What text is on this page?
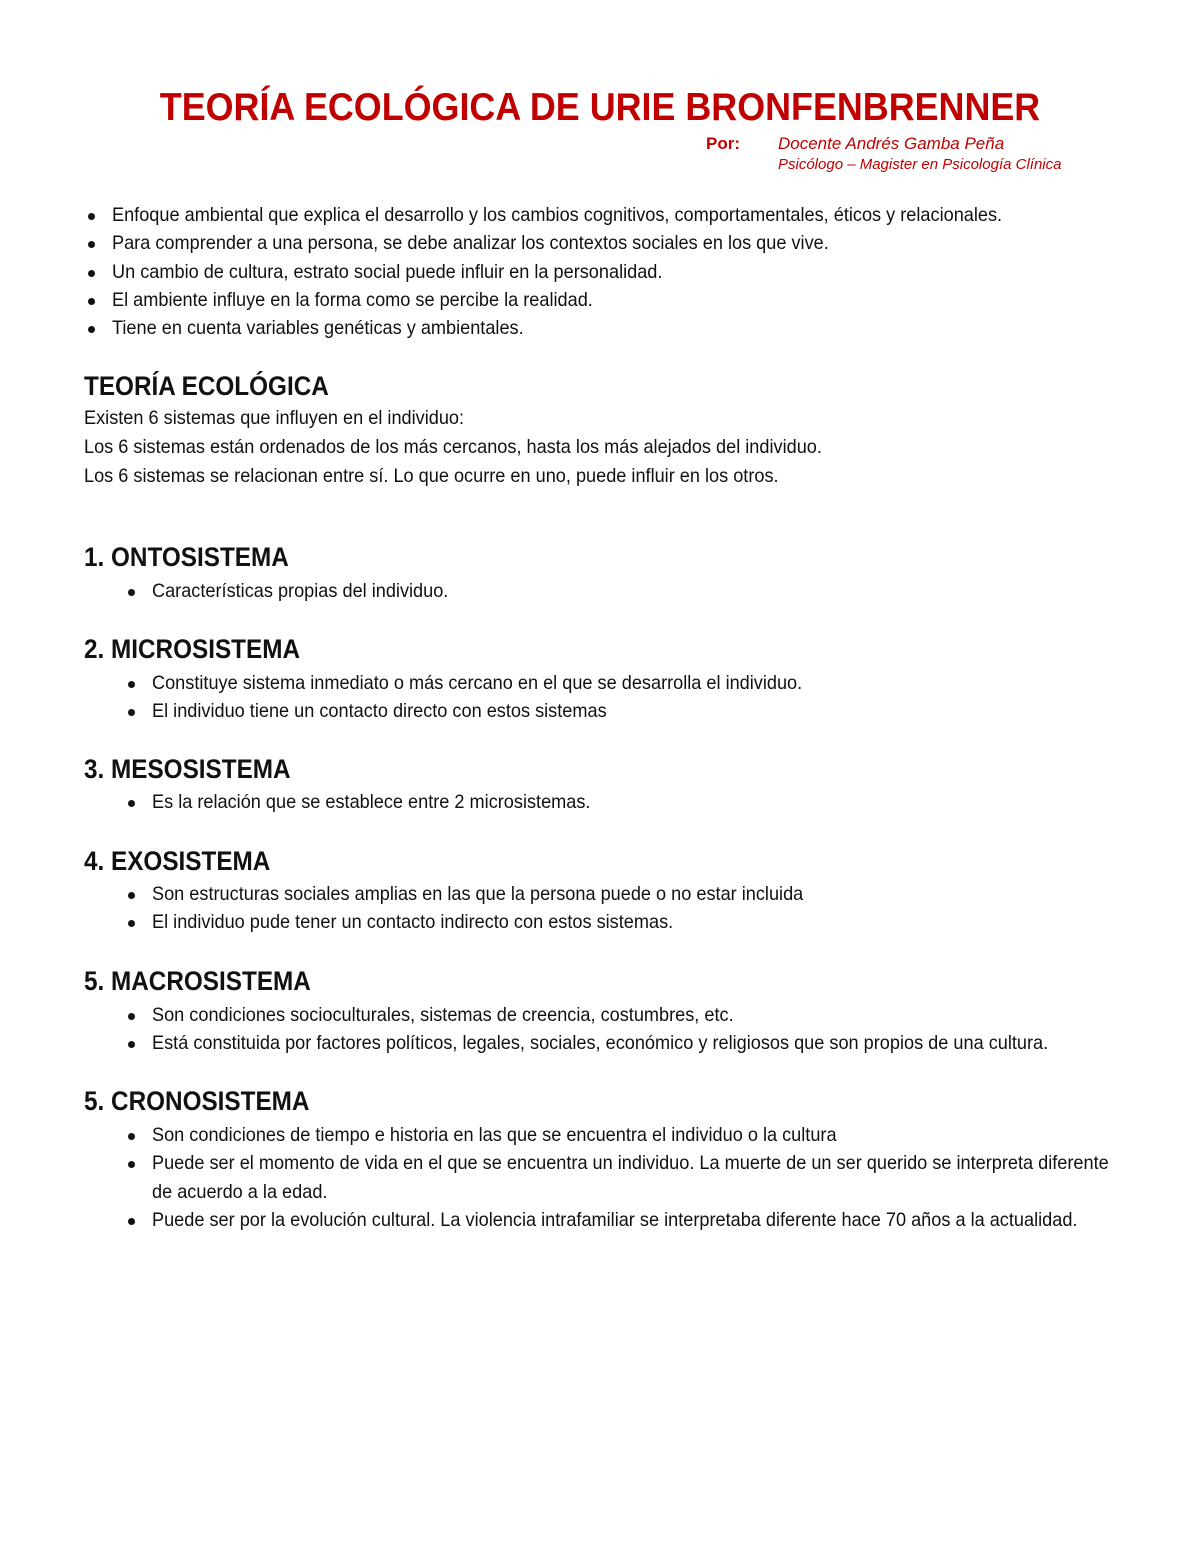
TEORÍA ECOLÓGICA DE URIE BRONFENBRENNER
Por:	Docente Andrés Gamba Peña
Psicólogo – Magister en Psicología Clínica
Enfoque ambiental que explica el desarrollo y los cambios cognitivos, comportamentales, éticos y relacionales.
Para comprender a una persona, se debe analizar los contextos sociales en los que vive.
Un cambio de cultura, estrato social puede influir en la personalidad.
El ambiente influye en la forma como se percibe la realidad.
Tiene en cuenta variables genéticas y ambientales.
TEORÍA ECOLÓGICA
Existen 6 sistemas que influyen en el individuo:
Los 6 sistemas están ordenados de los más cercanos, hasta los más alejados del individuo.
Los 6 sistemas se relacionan entre sí. Lo que ocurre en uno, puede influir en los otros.
1. ONTOSISTEMA
Características propias del individuo.
2. MICROSISTEMA
Constituye sistema inmediato o más cercano en el que se desarrolla el individuo.
El individuo tiene un contacto directo con estos sistemas
3. MESOSISTEMA
Es la relación que se establece entre 2 microsistemas.
4. EXOSISTEMA
Son estructuras sociales amplias en las que la persona puede o no estar incluida
El individuo pude tener un contacto indirecto con estos sistemas.
5. MACROSISTEMA
Son condiciones socioculturales, sistemas de creencia, costumbres, etc.
Está constituida por factores políticos, legales, sociales, económico y religiosos que son propios de una cultura.
5. CRONOSISTEMA
Son condiciones de tiempo e historia en las que se encuentra el individuo o la cultura
Puede ser el momento de vida en el que se encuentra un individuo. La muerte de un ser querido se interpreta diferente de acuerdo a la edad.
Puede ser por la evolución cultural. La violencia intrafamiliar se interpretaba diferente hace 70 años a la actualidad.
